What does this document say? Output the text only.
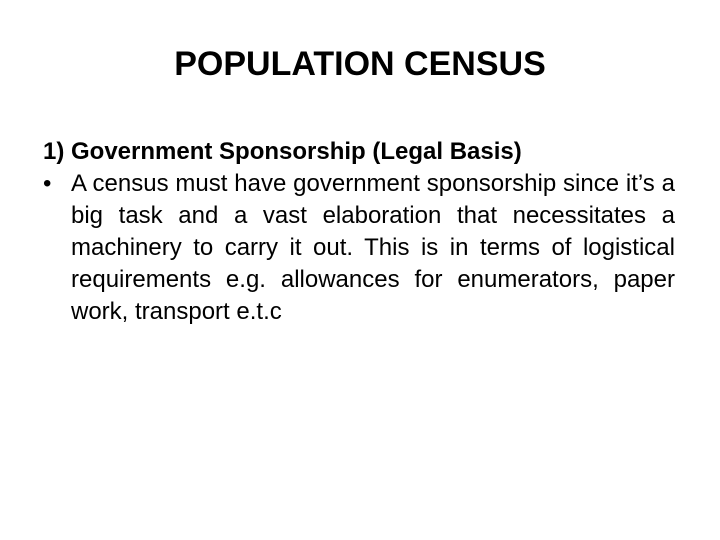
POPULATION CENSUS
1) Government Sponsorship (Legal Basis)
• A census must have government sponsorship since it’s a big task and a vast elaboration that necessitates a machinery to carry it out. This is in terms of logistical requirements e.g. allowances for enumerators, paper work, transport e.t.c
